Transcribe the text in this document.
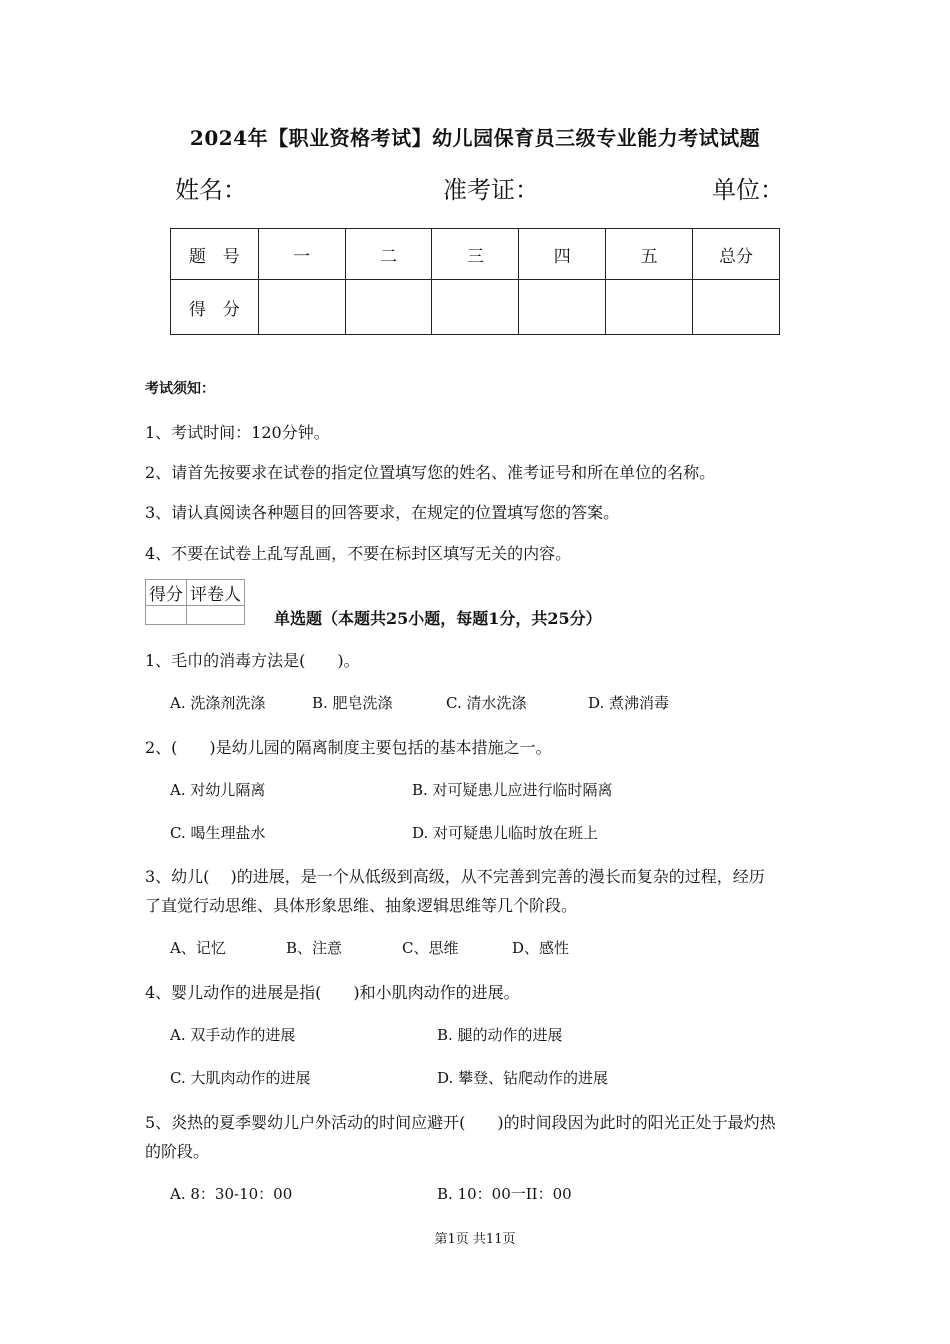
2024年【职业资格考试】幼儿园保育员三级专业能力考试试题
姓名：	准考证：	单位：
题　号	一	二	三	四	五	总分
得　分						
考试须知：
1、考试时间：120分钟。
2、请首先按要求在试卷的指定位置填写您的姓名、准考证号和所在单位的名称。
3、请认真阅读各种题目的回答要求，在规定的位置填写您的答案。
4、不要在试卷上乱写乱画，不要在标封区填写无关的内容。
得分	评卷人

单选题（本题共25小题，每题1分，共25分）
1、毛巾的消毒方法是(　　)。
A. 洗涤剂洗涤	B. 肥皂洗涤	C. 清水洗涤	D. 煮沸消毒
2、(　　)是幼儿园的隔离制度主要包括的基本措施之一。
A. 对幼儿隔离	B. 对可疑患儿应进行临时隔离
C. 喝生理盐水	D. 对可疑患儿临时放在班上
3、幼儿(　 )的进展，是一个从低级到高级，从不完善到完善的漫长而复杂的过程，经历
了直觉行动思维、具体形象思维、抽象逻辑思维等几个阶段。
A、记忆	B、注意	C、思维	D、感性
4、婴儿动作的进展是指(　　)和小肌肉动作的进展。
A. 双手动作的进展	B. 腿的动作的进展
C. 大肌肉动作的进展	D. 攀登、钻爬动作的进展
5、炎热的夏季婴幼儿户外活动的时间应避开(　　)的时间段因为此时的阳光正处于最灼热
的阶段。
A. 8：30-10：00	B. 10：00一II：00
第1页 共11页
